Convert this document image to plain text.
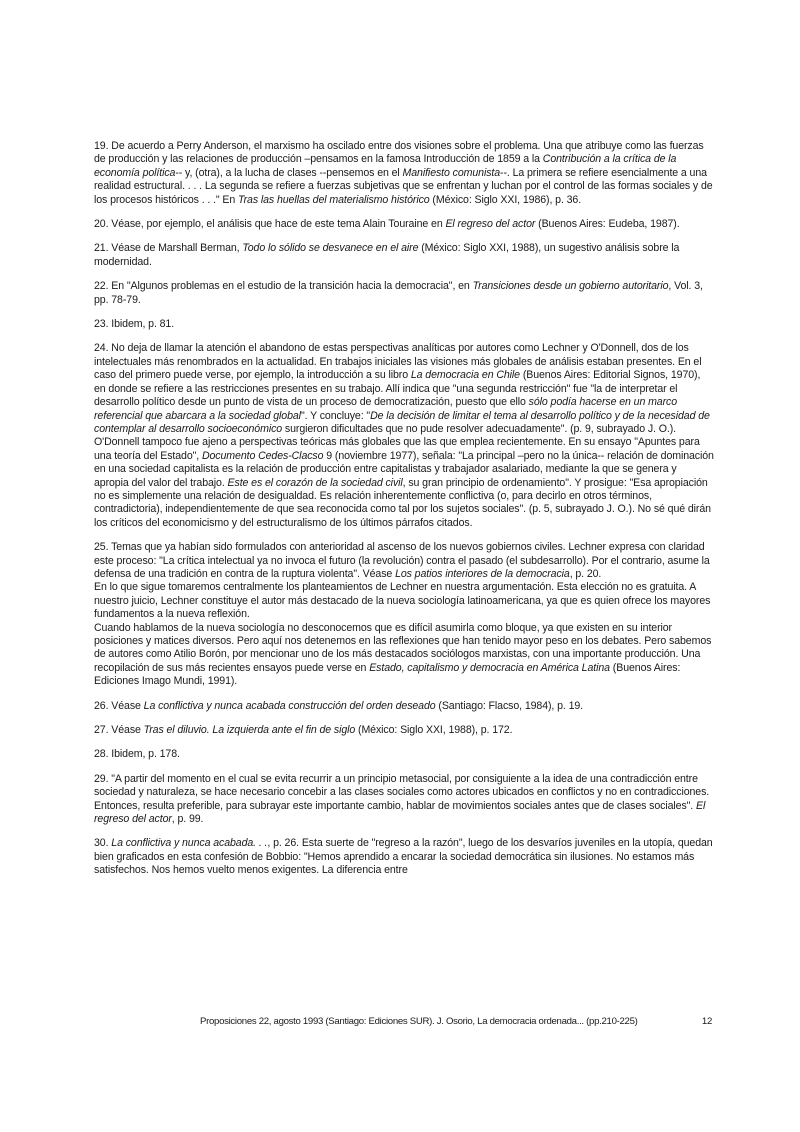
19. De acuerdo a Perry Anderson, el marxismo ha oscilado entre dos visiones sobre el problema. Una que atribuye como las fuerzas de producción y las relaciones de producción –pensamos en la famosa Introducción de 1859 a la Contribución a la crítica de la economía política-- y, (otra), a la lucha de clases --pensemos en el Manifiesto comunista--. La primera se refiere esencialmente a una realidad estructural. . . . La segunda se refiere a fuerzas subjetivas que se enfrentan y luchan por el control de las formas sociales y de los procesos históricos . . ." En Tras las huellas del materialismo histórico (México: Siglo XXI, 1986), p. 36.

20. Véase, por ejemplo, el análisis que hace de este tema Alain Touraine en El regreso del actor (Buenos Aires: Eudeba, 1987).

21. Véase de Marshall Berman, Todo lo sólido se desvanece en el aire (México: Siglo XXI, 1988), un sugestivo análisis sobre la modernidad.

22. En "Algunos problemas en el estudio de la transición hacia la democracia", en Transiciones desde un gobierno autoritario, Vol. 3, pp. 78-79.

23. Ibidem, p. 81.

24. No deja de llamar la atención el abandono de estas perspectivas analíticas por autores como Lechner y O'Donnell, dos de los intelectuales más renombrados en la actualidad. En trabajos iniciales las visiones más globales de análisis estaban presentes. En el caso del primero puede verse, por ejemplo, la introducción a su libro La democracia en Chile (Buenos Aires: Editorial Signos, 1970), en donde se refiere a las restricciones presentes en su trabajo. Allí indica que "una segunda restricción" fue "la de interpretar el desarrollo político desde un punto de vista de un proceso de democratización, puesto que ello sólo podía hacerse en un marco referencial que abarcara a la sociedad global". Y concluye: "De la decisión de limitar el tema al desarrollo político y de la necesidad de contemplar al desarrollo socioeconómico surgieron dificultades que no pude resolver adecuadamente". (p. 9, subrayado J. O.). O'Donnell tampoco fue ajeno a perspectivas teóricas más globales que las que emplea recientemente. En su ensayo "Apuntes para una teoría del Estado", Documento Cedes-Clacso 9 (noviembre 1977), señala: "La principal –pero no la única-- relación de dominación en una sociedad capitalista es la relación de producción entre capitalistas y trabajador asalariado, mediante la que se genera y apropia del valor del trabajo. Este es el corazón de la sociedad civil, su gran principio de ordenamiento". Y prosigue: "Esa apropiación no es simplemente una relación de desigualdad. Es relación inherentemente conflictiva (o, para decirlo en otros términos, contradictoria), independientemente de que sea reconocida como tal por los sujetos sociales". (p. 5, subrayado J. O.). No sé qué dirán los críticos del economicismo y del estructuralismo de los últimos párrafos citados.

25. Temas que ya habían sido formulados con anterioridad al ascenso de los nuevos gobiernos civiles. Lechner expresa con claridad este proceso: "La crítica intelectual ya no invoca el futuro (la revolución) contra el pasado (el subdesarrollo). Por el contrario, asume la defensa de una tradición en contra de la ruptura violenta". Véase Los patios interiores de la democracia, p. 20.
En lo que sigue tomaremos centralmente los planteamientos de Lechner en nuestra argumentación. Esta elección no es gratuita. A nuestro juicio, Lechner constituye el autor más destacado de la nueva sociología latinoamericana, ya que es quien ofrece los mayores fundamentos a la nueva reflexión.
Cuando hablamos de la nueva sociología no desconocemos que es difícil asumirla como bloque, ya que existen en su interior posiciones y matices diversos. Pero aquí nos detenemos en las reflexiones que han tenido mayor peso en los debates. Pero sabemos de autores como Atilio Borón, por mencionar uno de los más destacados sociólogos marxistas, con una importante producción. Una recopilación de sus más recientes ensayos puede verse en Estado, capitalismo y democracia en América Latina (Buenos Aires: Ediciones Imago Mundi, 1991).

26. Véase La conflictiva y nunca acabada construcción del orden deseado (Santiago: Flacso, 1984), p. 19.

27. Véase Tras el diluvio. La izquierda ante el fin de siglo (México: Siglo XXI, 1988), p. 172.

28. Ibidem, p. 178.

29. "A partir del momento en el cual se evita recurrir a un principio metasocial, por consiguiente a la idea de una contradicción entre sociedad y naturaleza, se hace necesario concebir a las clases sociales como actores ubicados en conflictos y no en contradicciones. Entonces, resulta preferible, para subrayar este importante cambio, hablar de movimientos sociales antes que de clases sociales". El regreso del actor, p. 99.

30. La conflictiva y nunca acabada. . ., p. 26. Esta suerte de "regreso a la razón", luego de los desvaríos juveniles en la utopía, quedan bien graficados en esta confesión de Bobbio: "Hemos aprendido a encarar la sociedad democrática sin ilusiones. No estamos más satisfechos. Nos hemos vuelto menos exigentes. La diferencia entre

Proposiciones 22, agosto 1993 (Santiago: Ediciones SUR). J. Osorio, La democracia ordenada... (pp.210-225)	12
